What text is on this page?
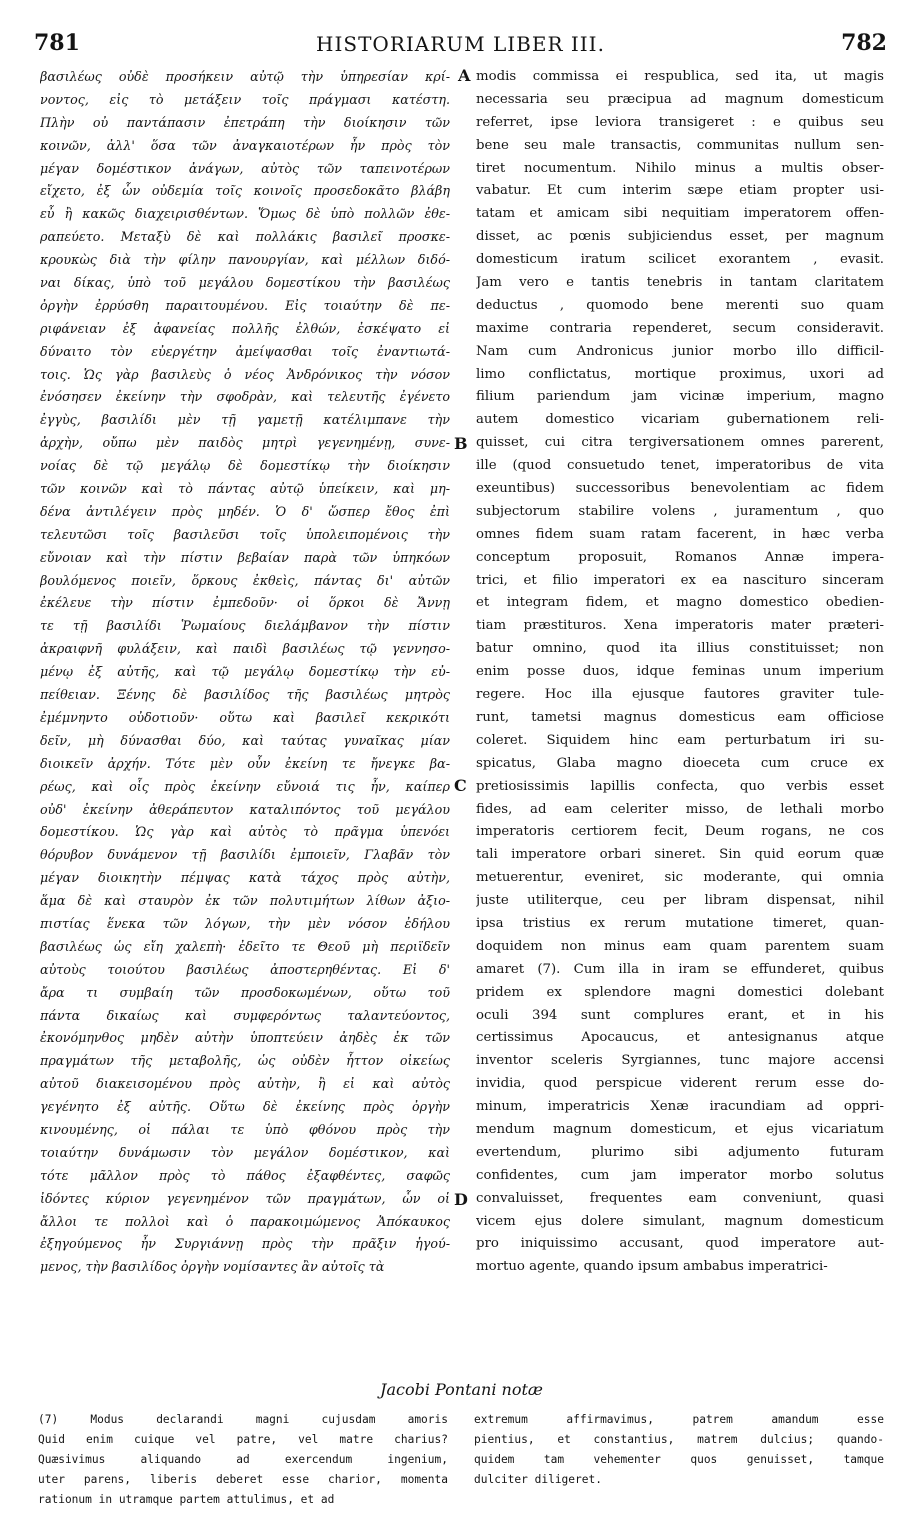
781	HISTORIARUM LIBER III.	782
βασιλέως οὐδὲ προσήκειν αὐτῷ τὴν ὑπηρεσίαν κρί-
νοντος, εἰς τὸ μετάξειν τοῖς πράγμασι κατέστη.
Πλὴν οὐ παντάπασιν ἐπετράπη τὴν διοίκησιν τῶν
κοινῶν, ἀλλ' ὅσα τῶν ἀναγκαιοτέρων ἦν πρὸς τὸν
μέγαν δομέστικον ἀνάγων, αὐτὸς τῶν ταπεινοτέρων
εἴχετο, ἐξ ὧν οὐδεμία τοῖς κοινοῖς προσεδοκᾶτο βλάβη
εὖ ἢ κακῶς διαχειρισθέντων. Ὅμως δὲ ὑπὸ πολλῶν ἐθε-
ραπεύετο. Μεταξὺ δὲ καὶ πολλάκις βασιλεῖ προσκε-
κρουκὼς διὰ τὴν φίλην πανουργίαν, καὶ μέλλων διδό-
ναι δίκας, ὑπὸ τοῦ μεγάλου δομεστίκου τὴν βασιλέως
ὀργὴν ἐρρύσθη παραιτουμένου. Εἰς τοιαύτην δὲ πε-
ριφάνειαν ἐξ ἀφανείας πολλῆς ἐλθών, ἐσκέψατο εἰ
δύναιτο τὸν εὐεργέτην ἀμείψασθαι τοῖς ἐναντιωτά-
τοις. Ὡς γὰρ βασιλεὺς ὁ νέος Ἀνδρόνικος τὴν νόσον
ἐνόσησεν ἐκείνην τὴν σφοδρὰν, καὶ τελευτῆς ἐγένετο
ἐγγὺς, βασιλίδι μὲν τῇ γαμετῇ κατέλιμπανε τὴν
ἀρχὴν, οὔπω μὲν παιδὸς μητρὶ γεγενημένῃ, συνε-
νοίας δὲ τῷ μεγάλῳ δὲ δομεστίκῳ τὴν διοίκησιν
τῶν κοινῶν καὶ τὸ πάντας αὐτῷ ὑπείκειν, καὶ μη-
δένα ἀντιλέγειν πρὸς μηδέν. Ὁ δ' ὥσπερ ἔθος ἐπὶ
τελευτῶσι τοῖς βασιλεῦσι τοῖς ὑπολειπομένοις τὴν
εὔνοιαν καὶ τὴν πίστιν βεβαίαν παρὰ τῶν ὑπηκόων
βουλόμενος ποιεῖν, ὅρκους ἐκθεὶς, πάντας δι' αὐτῶν
ἐκέλευε τὴν πίστιν ἐμπεδοῦν· οἱ ὅρκοι δὲ Ἄννῃ
τε τῇ βασιλίδι Ῥωμαίους διελάμβανον τὴν πίστιν
ἀκραιφνῆ φυλάξειν, καὶ παιδὶ βασιλέως τῷ γεννησο-
μένῳ ἐξ αὐτῆς, καὶ τῷ μεγάλῳ δομεστίκῳ τὴν εὐ-
πείθειαν. Ξένης δὲ βασιλίδος τῆς βασιλέως μητρὸς
ἐμέμνηντο οὐδοτιοῦν· οὕτω καὶ βασιλεῖ κεκρικότι
δεῖν, μὴ δύνασθαι δύο, καὶ ταύτας γυναῖκας μίαν
διοικεῖν ἀρχήν. Τότε μὲν οὖν ἐκείνη τε ἤνεγκε βα-
ρέως, καὶ οἷς πρὸς ἐκείνην εὔνοιά τις ἦν, καίπερ
οὐδ' ἐκείνην ἀθεράπευτον καταλιπόντος τοῦ μεγάλου
δομεστίκου. Ὡς γὰρ καὶ αὐτὸς τὸ πρᾶγμα ὑπενόει
θόρυβον δυνάμενον τῇ βασιλίδι ἐμποιεῖν, Γλαβᾶν τὸν
μέγαν διοικητὴν πέμψας κατὰ τάχος πρὸς αὐτὴν,
ἅμα δὲ καὶ σταυρὸν ἐκ τῶν πολυτιμήτων λίθων ἀξιο-
πιστίας ἕνεκα τῶν λόγων, τὴν μὲν νόσον ἐδήλου
βασιλέως ὡς εἴη χαλεπὴ· ἐδεῖτο τε Θεοῦ μὴ περιϊδεῖν
αὐτοὺς τοιούτου βασιλέως ἀποστερηθέντας. Εἰ δ'
ἄρα τι συμβαίη τῶν προσδοκωμένων, οὕτω τοῦ
πάντα δικαίως καὶ συμφερόντως ταλαντεύοντος,
ἐκονόμηνθος μηδὲν αὐτὴν ὑποπτεύειν ἀηδὲς ἐκ τῶν
πραγμάτων τῆς μεταβολῆς, ὡς οὐδὲν ἧττον οἰκείως
αὐτοῦ διακεισομένου πρὸς αὐτὴν, ἢ εἰ καὶ αὐτὸς
γεγένητο ἐξ αὐτῆς. Οὕτω δὲ ἐκείνης πρὸς ὀργὴν
κινουμένης, οἱ πάλαι τε ὑπὸ φθόνου πρὸς τὴν
τοιαύτην δυνάμωσιν τὸν μεγάλον δομέστικον, καὶ
τότε μᾶλλον πρὸς τὸ πάθος ἐξαφθέντες, σαφῶς
ἰδόντες κύριον γεγενημένον τῶν πραγμάτων, ὧν οἱ
ἄλλοι τε πολλοὶ καὶ ὁ παρακοιμώμενος Ἀπόκαυκος
ἐξηγούμενος ἦν Συργιάννῃ πρὸς τὴν πρᾶξιν ἡγού-
μενος, τὴν βασιλίδος ὀργὴν νομίσαντες ἂν αὐτοῖς τὰ
A
B
C
D
modis commissa ei respublica, sed ita, ut magis
necessaria seu præcipua ad magnum domesticum
referret, ipse leviora transigeret : e quibus seu
bene seu male transactis, communitas nullum sen-
tiret nocumentum. Nihilo minus a multis obser-
vabatur. Et cum interim sæpe etiam propter usi-
tatam et amicam sibi nequitiam imperatorem offen-
disset, ac pœnis subjiciendus esset, per magnum
domesticum iratum scilicet exorantem , evasit.
Jam vero e tantis tenebris in tantam claritatem
deductus , quomodo bene merenti suo quam
maxime contraria rependeret, secum consideravit.
Nam cum Andronicus junior morbo illo difficil-
limo conflictatus, mortique proximus, uxori ad
filium pariendum jam vicinæ imperium, magno
autem domestico vicariam gubernationem reli-
quisset, cui citra tergiversationem omnes parerent,
ille (quod consuetudo tenet, imperatoribus de vita
exeuntibus) successoribus benevolentiam ac fidem
subjectorum stabilire volens , juramentum , quo
omnes fidem suam ratam facerent, in hæc verba
conceptum proposuit, Romanos Annæ impera-
trici, et filio imperatori ex ea nascituro sinceram
et integram fidem, et magno domestico obedien-
tiam præstituros. Xena imperatoris mater præteri-
batur omnino, quod ita illius constituisset; non
enim posse duos, idque feminas unum imperium
regere. Hoc illa ejusque fautores graviter tule-
runt, tametsi magnus domesticus eam officiose
coleret. Siquidem hinc eam perturbatum iri su-
spicatus, Glaba magno dioeceta cum cruce ex
pretiosissimis lapillis confecta, quo verbis esset
fides, ad eam celeriter misso, de lethali morbo
imperatoris certiorem fecit, Deum rogans, ne cos
tali imperatore orbari sineret. Sin quid eorum quæ
metuerentur, eveniret, sic moderante, qui omnia
juste utiliterque, ceu per libram dispensat, nihil
ipsa tristius ex rerum mutatione timeret, quan-
doquidem non minus eam quam parentem suam
amaret (7). Cum illa in iram se effunderet, quibus
pridem ex splendore magni domestici dolebant
oculi 394 sunt complures erant, et in his
certissimus Apocaucus, et antesignanus atque
inventor sceleris Syrgiannes, tunc majore accensi
invidia, quod perspicue viderent rerum esse do-
minum, imperatricis Xenæ iracundiam ad oppri-
mendum magnum domesticum, et ejus vicariatum
evertendum, plurimo sibi adjumento futuram
confidentes, cum jam imperator morbo solutus
convaluisset, frequentes eam conveniunt, quasi
vicem ejus dolere simulant, magnum domesticum
pro iniquissimo accusant, quod imperatore aut-
mortuo agente, quando ipsum ambabus imperatrici-
Jacobi Pontani notæ
(7) Modus declarandi magni cujusdam amoris
Quid enim cuique vel patre, vel matre charius?
Quæsivimus aliquando ad exercendum ingenium,
uter parens, liberis deberet esse charior, momenta
rationum in utramque partem attulimus, et ad
extremum affirmavimus, patrem amandum esse
pientius, et constantius, matrem dulcius; quando-
quidem tam vehementer quos genuisset, tamque
dulciter diligeret.
